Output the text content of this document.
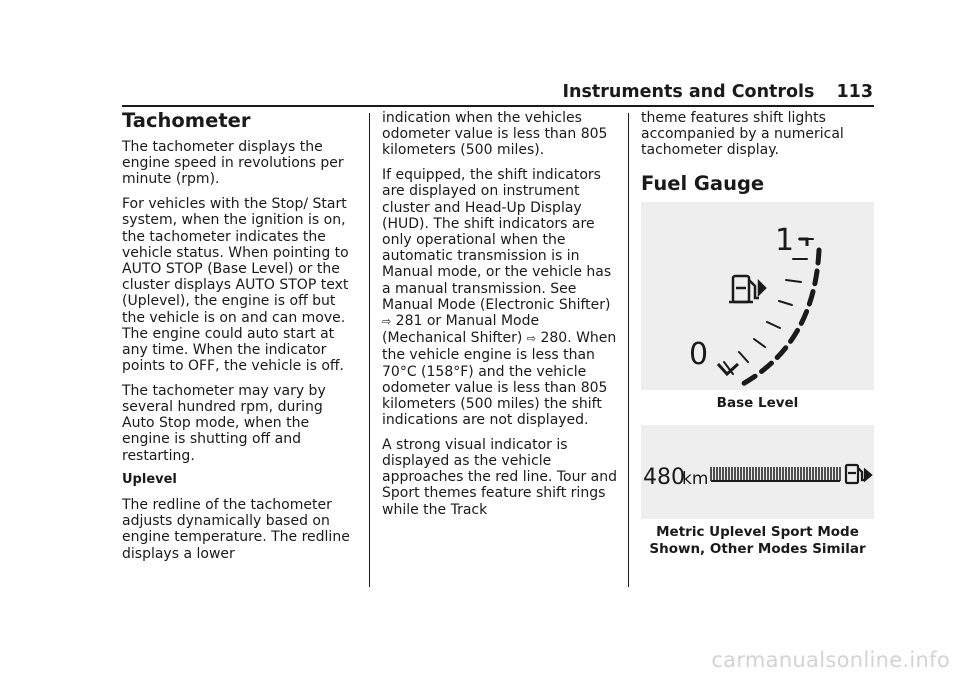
Instruments and Controls 113
Tachometer

The tachometer displays the engine speed in revolutions per minute (rpm).

For vehicles with the Stop/ Start system, when the ignition is on, the tachometer indicates the vehicle status. When pointing to AUTO STOP (Base Level) or the cluster displays AUTO STOP text (Uplevel), the engine is off but the vehicle is on and can move. The engine could auto start at any time. When the indicator points to OFF, the vehicle is off.

The tachometer may vary by several hundred rpm, during Auto Stop mode, when the engine is shutting off and restarting.

Uplevel

The redline of the tachometer adjusts dynamically based on engine temperature. The redline displays a lower

indication when the vehicles odometer value is less than 805 kilometers (500 miles).

If equipped, the shift indicators are displayed on instrument cluster and Head-Up Display (HUD). The shift indicators are only operational when the automatic transmission is in Manual mode, or the vehicle has a manual transmission. See Manual Mode (Electronic Shifter) ⇨ 281 or Manual Mode (Mechanical Shifter) ⇨ 280. When the vehicle engine is less than 70°C (158°F) and the vehicle odometer value is less than 805 kilometers (500 miles) the shift indications are not displayed.

A strong visual indicator is displayed as the vehicle approaches the red line. Tour and Sport themes feature shift rings while the Track

theme features shift lights accompanied by a numerical tachometer display.

Fuel Gauge
1
0
Base Level
480
km
Metric Uplevel Sport Mode Shown, Other Modes Similar
carmanualsonline.info
